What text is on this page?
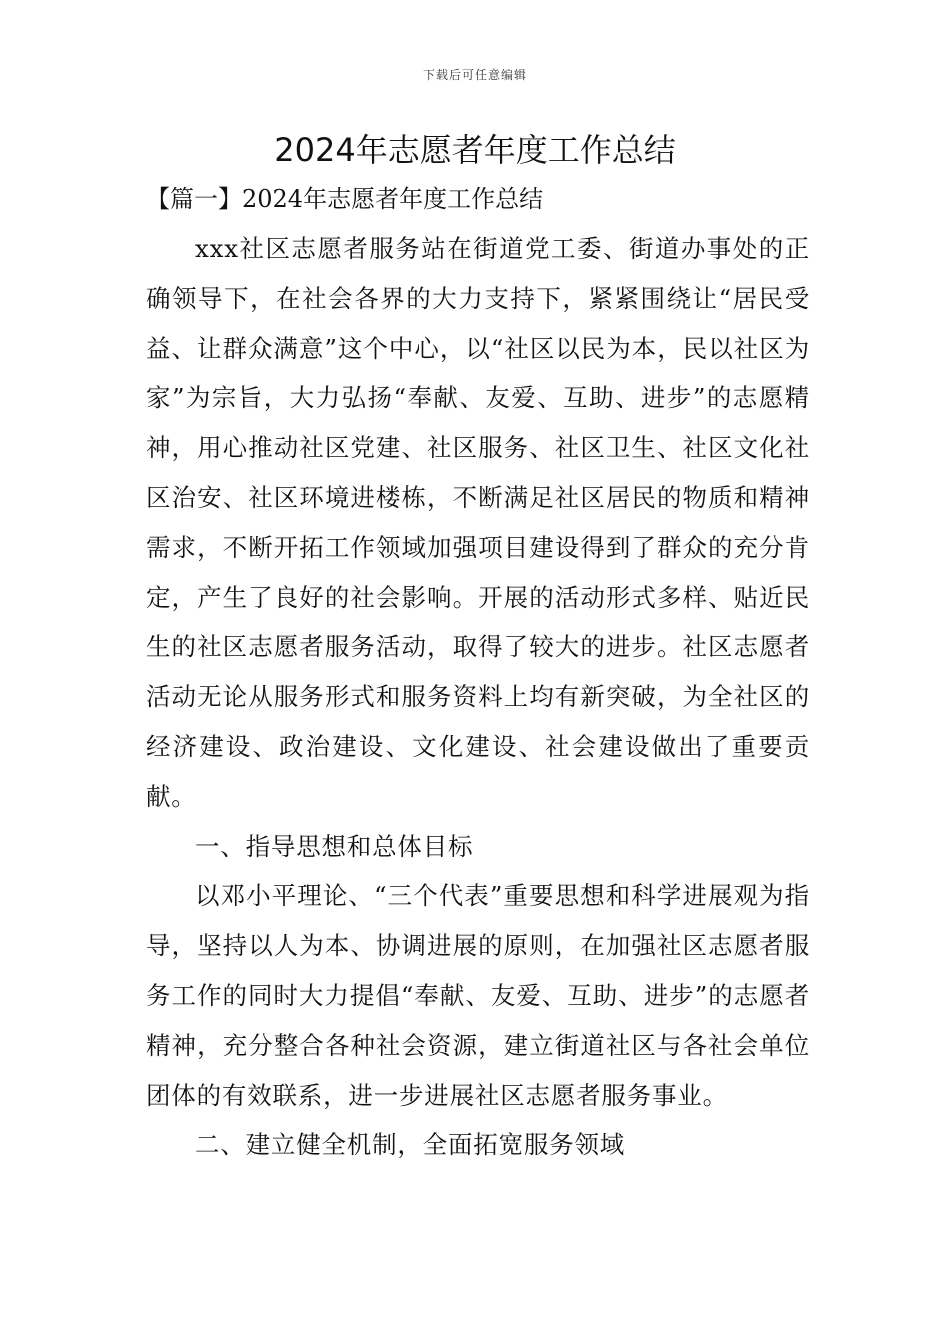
下载后可任意编辑
2024年志愿者年度工作总结
【篇一】2024年志愿者年度工作总结

xxx社区志愿者服务站在街道党工委、街道办事处的正确领导下，在社会各界的大力支持下，紧紧围绕让“居民受益、让群众满意”这个中心，以“社区以民为本，民以社区为家”为宗旨，大力弘扬“奉献、友爱、互助、进步”的志愿精神，用心推动社区党建、社区服务、社区卫生、社区文化社区治安、社区环境进楼栋，不断满足社区居民的物质和精神需求，不断开拓工作领域加强项目建设得到了群众的充分肯定，产生了良好的社会影响。开展的活动形式多样、贴近民生的社区志愿者服务活动，取得了较大的进步。社区志愿者活动无论从服务形式和服务资料上均有新突破，为全社区的经济建设、政治建设、文化建设、社会建设做出了重要贡献。

一、指导思想和总体目标

以邓小平理论、“三个代表”重要思想和科学进展观为指导，坚持以人为本、协调进展的原则，在加强社区志愿者服务工作的同时大力提倡“奉献、友爱、互助、进步”的志愿者精神，充分整合各种社会资源，建立街道社区与各社会单位团体的有效联系，进一步进展社区志愿者服务事业。

二、建立健全机制，全面拓宽服务领域
